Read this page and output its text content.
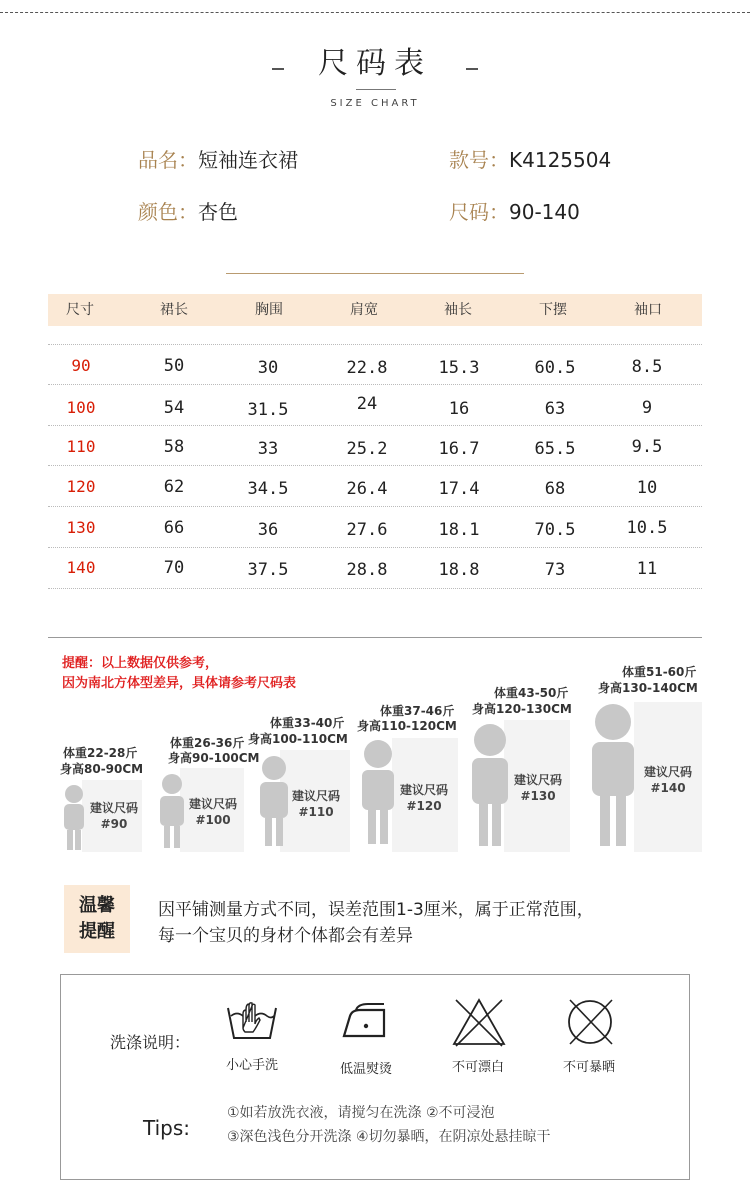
尺码表
SIZE CHART
品名：短袖连衣裙	款号：K4125504
颜色：杏色	尺码：90-140
尺寸	裙长	胸围	肩宽	袖长	下摆	袖口
90	50	30	22.8	15.3	60.5	8.5
100	54	31.5	24	16	63	9
110	58	33	25.2	16.7	65.5	9.5
120	62	34.5	26.4	17.4	68	10
130	66	36	27.6	18.1	70.5	10.5
140	70	37.5	28.8	18.8	73	11
提醒：以上数据仅供参考，
因为南北方体型差异，具体请参考尺码表
体重22-28斤
身高80-90CM
建议尺码
#90
体重26-36斤
身高90-100CM
建议尺码
#100
体重33-40斤
身高100-110CM
建议尺码
#110
体重37-46斤
身高110-120CM
建议尺码
#120
体重43-50斤
身高120-130CM
建议尺码
#130
体重51-60斤
身高130-140CM
建议尺码
#140
温馨
提醒
因平铺测量方式不同，误差范围1-3厘米，属于正常范围，
每一个宝贝的身材个体都会有差异
洗涤说明：
小心手洗	低温熨烫	不可漂白	不可暴晒
Tips:
①如若放洗衣液，请搅匀在洗涤 ②不可浸泡
③深色浅色分开洗涤 ④切勿暴晒，在阴凉处悬挂晾干
